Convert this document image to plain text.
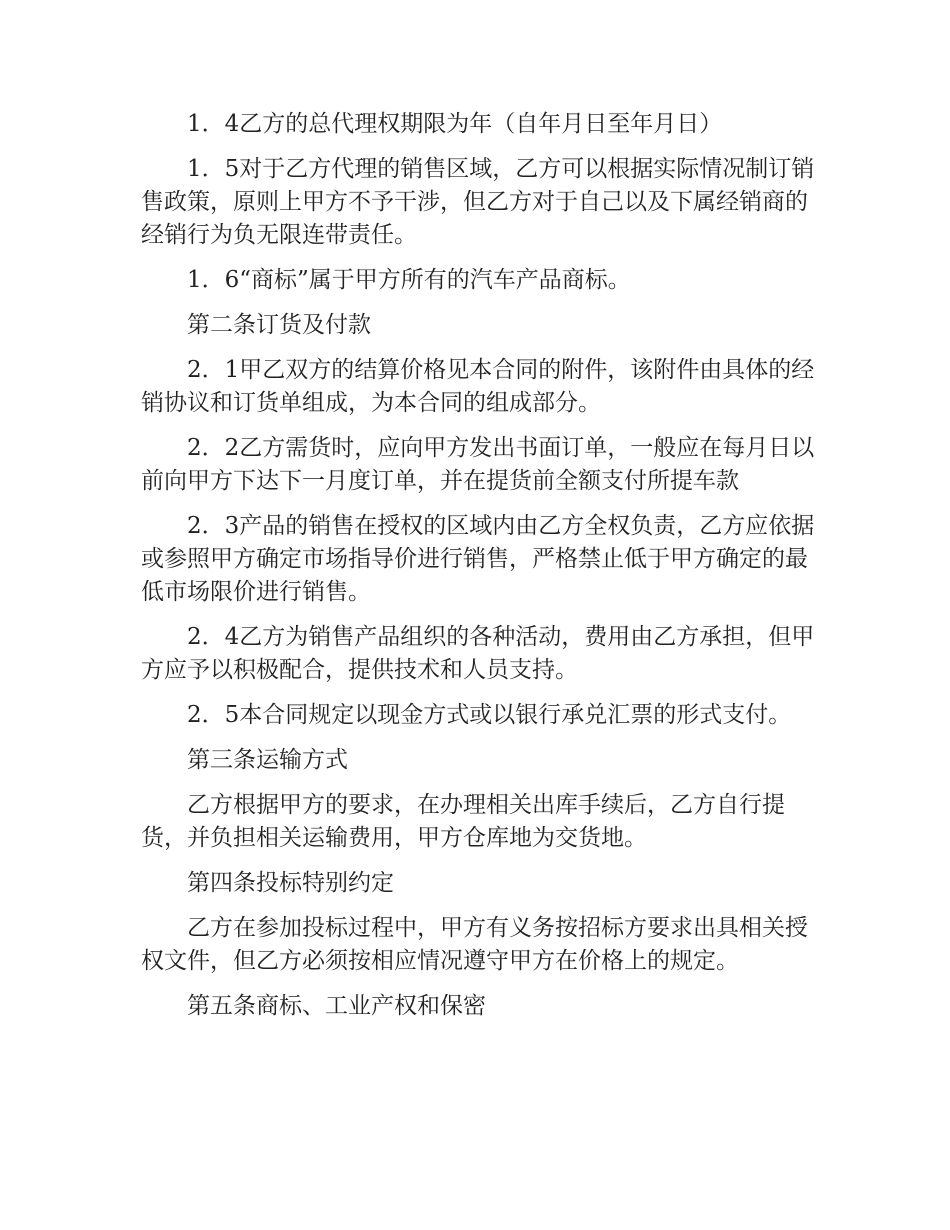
1．4乙方的总代理权期限为年（自年月日至年月日）

1．5对于乙方代理的销售区域，乙方可以根据实际情况制订销售政策，原则上甲方不予干涉，但乙方对于自己以及下属经销商的经销行为负无限连带责任。

1．6“商标”属于甲方所有的汽车产品商标。

第二条订货及付款

2．1甲乙双方的结算价格见本合同的附件，该附件由具体的经销协议和订货单组成，为本合同的组成部分。

2．2乙方需货时，应向甲方发出书面订单，一般应在每月日以前向甲方下达下一月度订单，并在提货前全额支付所提车款

2．3产品的销售在授权的区域内由乙方全权负责，乙方应依据或参照甲方确定市场指导价进行销售，严格禁止低于甲方确定的最低市场限价进行销售。

2．4乙方为销售产品组织的各种活动，费用由乙方承担，但甲方应予以积极配合，提供技术和人员支持。

2．5本合同规定以现金方式或以银行承兑汇票的形式支付。

第三条运输方式

乙方根据甲方的要求，在办理相关出库手续后，乙方自行提货，并负担相关运输费用，甲方仓库地为交货地。

第四条投标特别约定

乙方在参加投标过程中，甲方有义务按招标方要求出具相关授权文件，但乙方必须按相应情况遵守甲方在价格上的规定。

第五条商标、工业产权和保密
